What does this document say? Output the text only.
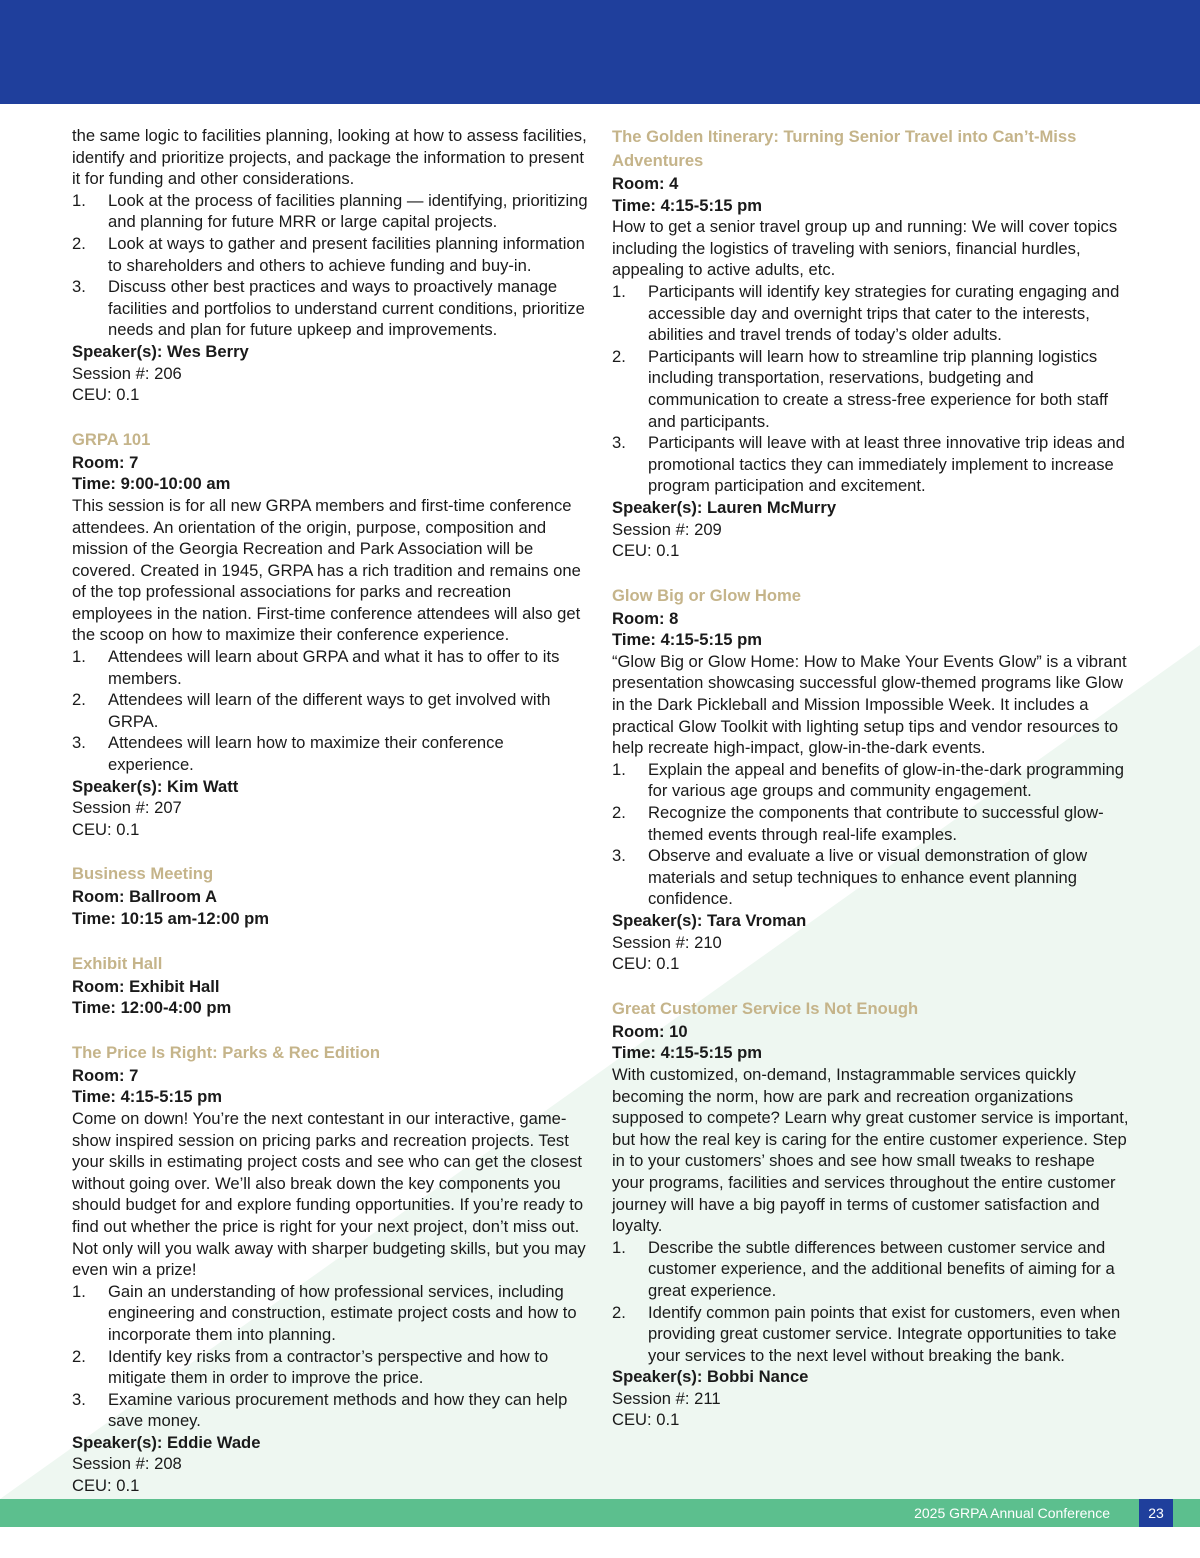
the same logic to facilities planning, looking at how to assess facilities, identify and prioritize projects, and package the information to present it for funding and other considerations.

1.	Look at the process of facilities planning — identifying, prioritizing and planning for future MRR or large capital projects.
2.	Look at ways to gather and present facilities planning information to shareholders and others to achieve funding and buy-in.
3.	Discuss other best practices and ways to proactively manage facilities and portfolios to understand current conditions, prioritize needs and plan for future upkeep and improvements.

Speaker(s): Wes Berry

Session #: 206

CEU: 0.1

GRPA 101

Room: 7

Time: 9:00-10:00 am

This session is for all new GRPA members and first-time conference attendees. An orientation of the origin, purpose, composition and mission of the Georgia Recreation and Park Association will be covered. Created in 1945, GRPA has a rich tradition and remains one of the top professional associations for parks and recreation employees in the nation. First-time conference attendees will also get the scoop on how to maximize their conference experience.

1.	Attendees will learn about GRPA and what it has to offer to its members.
2.	Attendees will learn of the different ways to get involved with GRPA.
3.	Attendees will learn how to maximize their conference experience.

Speaker(s): Kim Watt

Session #: 207

CEU: 0.1

Business Meeting

Room: Ballroom A

Time: 10:15 am-12:00 pm

Exhibit Hall

Room: Exhibit Hall

Time: 12:00-4:00 pm

The Price Is Right: Parks & Rec Edition

Room: 7

Time: 4:15-5:15 pm

Come on down! You’re the next contestant in our interactive, game-show inspired session on pricing parks and recreation projects. Test your skills in estimating project costs and see who can get the closest without going over. We’ll also break down the key components you should budget for and explore funding opportunities. If you’re ready to find out whether the price is right for your next project, don’t miss out. Not only will you walk away with sharper budgeting skills, but you may even win a prize!

1.	Gain an understanding of how professional services, including engineering and construction, estimate project costs and how to incorporate them into planning.
2.	Identify key risks from a contractor’s perspective and how to mitigate them in order to improve the price.
3.	Examine various procurement methods and how they can help save money.

Speaker(s): Eddie Wade

Session #: 208

CEU: 0.1

The Golden Itinerary: Turning Senior Travel into Can’t-Miss Adventures

Room: 4

Time: 4:15-5:15 pm

How to get a senior travel group up and running: We will cover topics including the logistics of traveling with seniors, financial hurdles, appealing to active adults, etc.

1.	Participants will identify key strategies for curating engaging and accessible day and overnight trips that cater to the interests, abilities and travel trends of today’s older adults.
2.	Participants will learn how to streamline trip planning logistics including transportation, reservations, budgeting and communication to create a stress-free experience for both staff and participants.
3.	Participants will leave with at least three innovative trip ideas and promotional tactics they can immediately implement to increase program participation and excitement.

Speaker(s): Lauren McMurry

Session #: 209

CEU: 0.1

Glow Big or Glow Home

Room: 8

Time: 4:15-5:15 pm

“Glow Big or Glow Home: How to Make Your Events Glow” is a vibrant presentation showcasing successful glow-themed programs like Glow in the Dark Pickleball and Mission Impossible Week. It includes a practical Glow Toolkit with lighting setup tips and vendor resources to help recreate high-impact, glow-in-the-dark events.

1.	Explain the appeal and benefits of glow-in-the-dark programming for various age groups and community engagement.
2.	Recognize the components that contribute to successful glow-themed events through real-life examples.
3.	Observe and evaluate a live or visual demonstration of glow materials and setup techniques to enhance event planning confidence.

Speaker(s): Tara Vroman

Session #: 210

CEU: 0.1

Great Customer Service Is Not Enough

Room: 10

Time: 4:15-5:15 pm

With customized, on-demand, Instagrammable services quickly becoming the norm, how are park and recreation organizations supposed to compete? Learn why great customer service is important, but how the real key is caring for the entire customer experience. Step in to your customers’ shoes and see how small tweaks to reshape your programs, facilities and services throughout the entire customer journey will have a big payoff in terms of customer satisfaction and loyalty.

1.	Describe the subtle differences between customer service and customer experience, and the additional benefits of aiming for a great experience.
2.	Identify common pain points that exist for customers, even when providing great customer service. Integrate opportunities to take your services to the next level without breaking the bank.

Speaker(s): Bobbi Nance

Session #: 211

CEU: 0.1

2025 GRPA Annual Conference	23
